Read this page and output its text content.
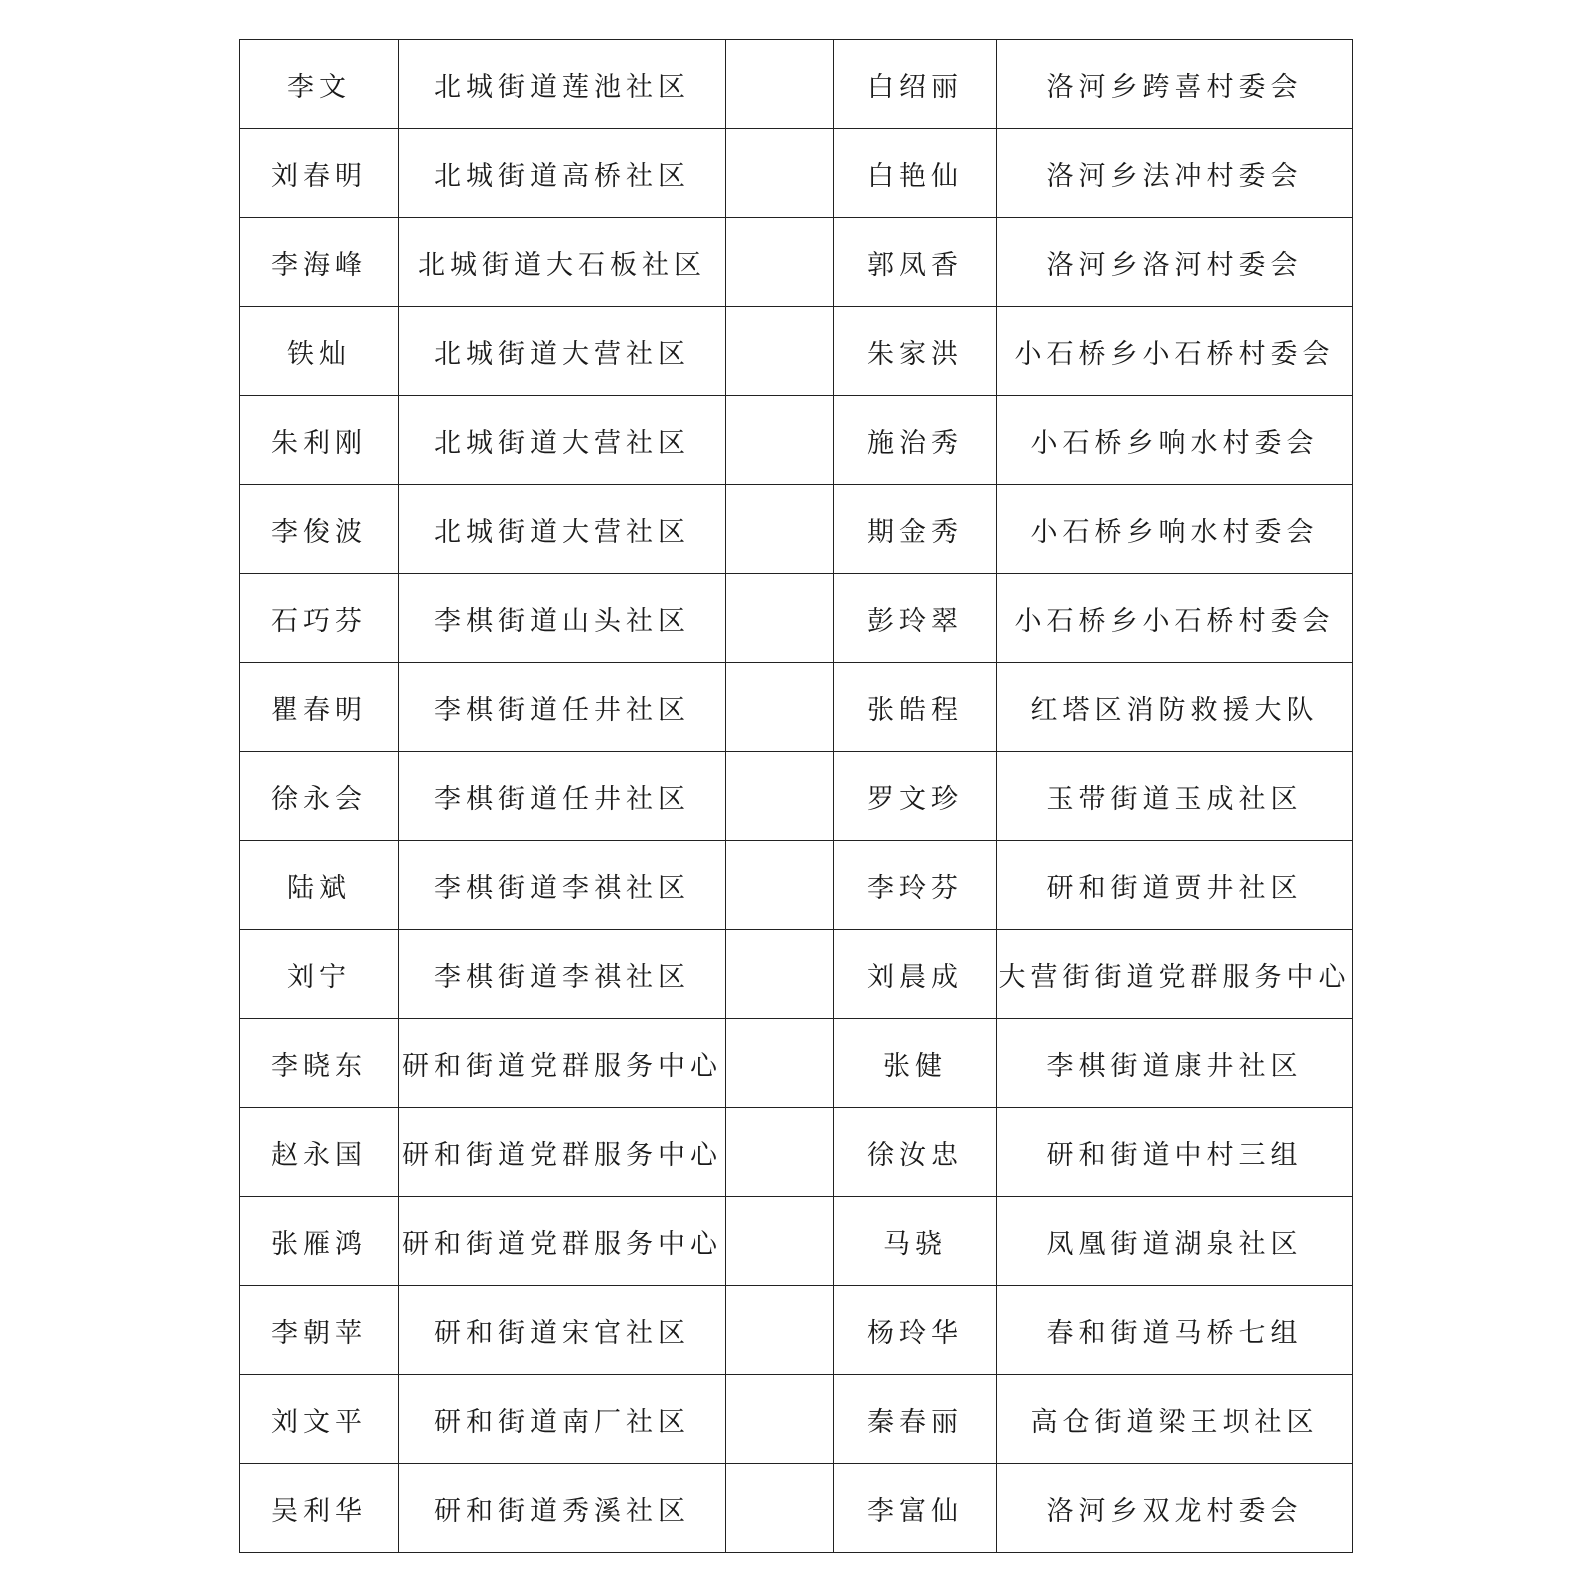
李文	北城街道莲池社区		白绍丽	洛河乡跨喜村委会
刘春明	北城街道高桥社区		白艳仙	洛河乡法冲村委会
李海峰	北城街道大石板社区		郭凤香	洛河乡洛河村委会
铁灿	北城街道大营社区		朱家洪	小石桥乡小石桥村委会
朱利刚	北城街道大营社区		施治秀	小石桥乡响水村委会
李俊波	北城街道大营社区		期金秀	小石桥乡响水村委会
石巧芬	李棋街道山头社区		彭玲翠	小石桥乡小石桥村委会
瞿春明	李棋街道任井社区		张皓程	红塔区消防救援大队
徐永会	李棋街道任井社区		罗文珍	玉带街道玉成社区
陆斌	李棋街道李祺社区		李玲芬	研和街道贾井社区
刘宁	李棋街道李祺社区		刘晨成	大营街街道党群服务中心
李晓东	研和街道党群服务中心		张健	李棋街道康井社区
赵永国	研和街道党群服务中心		徐汝忠	研和街道中村三组
张雁鸿	研和街道党群服务中心		马骁	凤凰街道湖泉社区
李朝苹	研和街道宋官社区		杨玲华	春和街道马桥七组
刘文平	研和街道南厂社区		秦春丽	高仓街道梁王坝社区
吴利华	研和街道秀溪社区		李富仙	洛河乡双龙村委会
